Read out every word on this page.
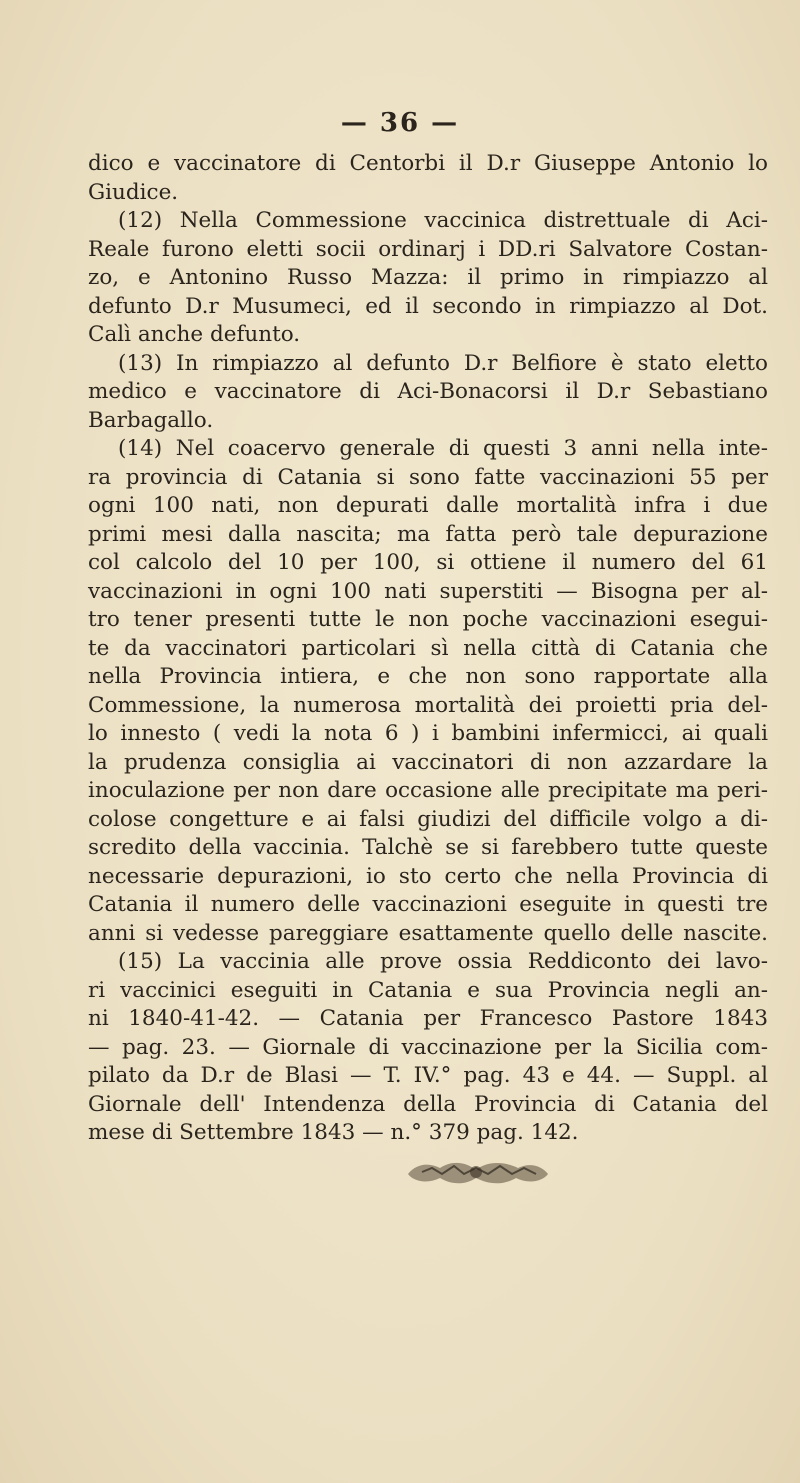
— 36 —
dico e vaccinatore di Centorbi il D.r Giuseppe Antonio lo
Giudice.
(12) Nella Commessione vaccinica distrettuale di Aci-
Reale furono eletti socii ordinarj i DD.ri Salvatore Costan-
zo, e Antonino Russo Mazza: il primo in rimpiazzo al
defunto D.r Musumeci, ed il secondo in rimpiazzo al Dot.
Calì anche defunto.
(13) In rimpiazzo al defunto D.r Belfiore è stato eletto
medico e vaccinatore di Aci-Bonacorsi il D.r Sebastiano
Barbagallo.
(14) Nel coacervo generale di questi 3 anni nella inte-
ra provincia di Catania si sono fatte vaccinazioni 55 per
ogni 100 nati, non depurati dalle mortalità infra i due
primi mesi dalla nascita; ma fatta però tale depurazione
col calcolo del 10 per 100, si ottiene il numero del 61
vaccinazioni in ogni 100 nati superstiti — Bisogna per al-
tro tener presenti tutte le non poche vaccinazioni esegui-
te da vaccinatori particolari sì nella città di Catania che
nella Provincia intiera, e che non sono rapportate alla
Commessione, la numerosa mortalità dei proietti pria del-
lo innesto ( vedi la nota 6 ) i bambini infermicci, ai quali
la prudenza consiglia ai vaccinatori di non azzardare la
inoculazione per non dare occasione alle precipitate ma peri-
colose congetture e ai falsi giudizi del difficile volgo a di-
scredito della vaccinia. Talchè se si farebbero tutte queste
necessarie depurazioni, io sto certo che nella Provincia di
Catania il numero delle vaccinazioni eseguite in questi tre
anni si vedesse pareggiare esattamente quello delle nascite.
(15) La vaccinia alle prove ossia Reddiconto dei lavo-
ri vaccinici eseguiti in Catania e sua Provincia negli an-
ni 1840-41-42. — Catania per Francesco Pastore 1843
— pag. 23. — Giornale di vaccinazione per la Sicilia com-
pilato da D.r de Blasi — T. IV.° pag. 43 e 44. — Suppl. al
Giornale dell' Intendenza della Provincia di Catania del
mese di Settembre 1843 — n.° 379 pag. 142.
